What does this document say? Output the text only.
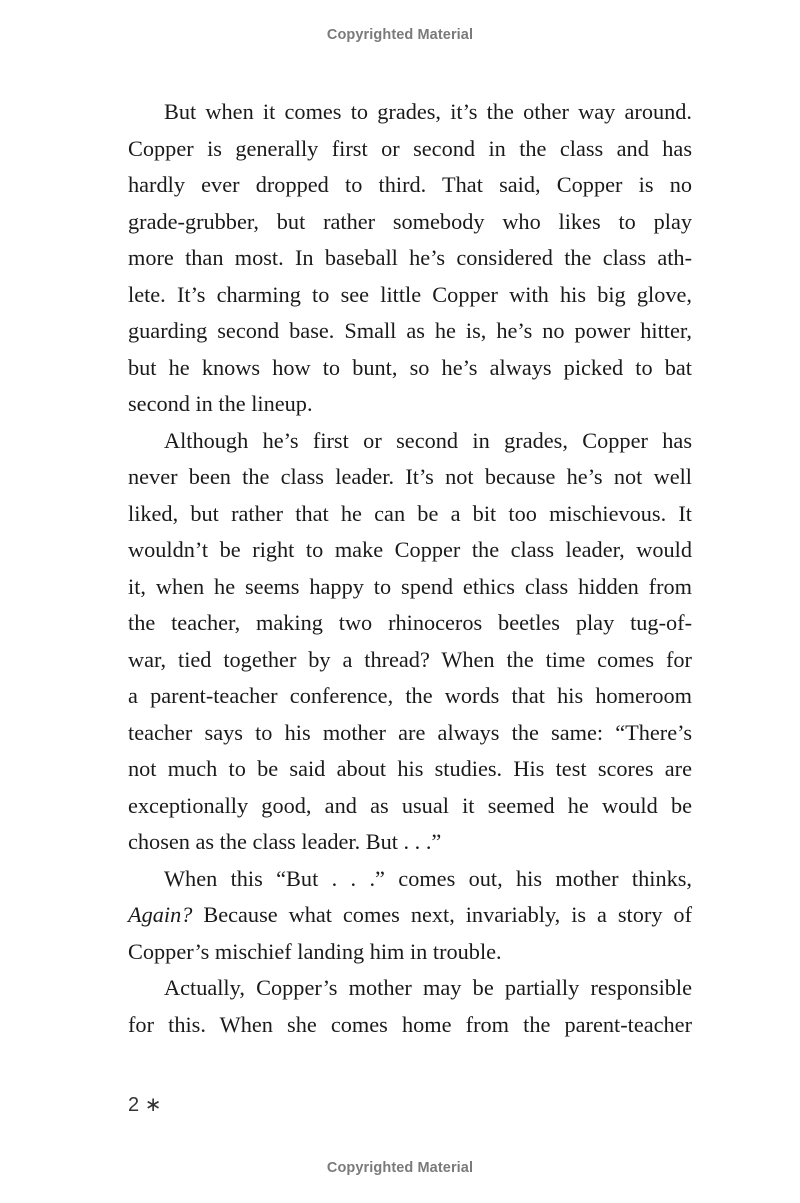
Copyrighted Material
But when it comes to grades, it’s the other way around.
Copper is generally first or second in the class and has
hardly ever dropped to third. That said, Copper is no
grade-grubber, but rather somebody who likes to play
more than most. In baseball he’s considered the class ath-
lete. It’s charming to see little Copper with his big glove,
guarding second base. Small as he is, he’s no power hitter,
but he knows how to bunt, so he’s always picked to bat
second in the lineup.
Although he’s first or second in grades, Copper has
never been the class leader. It’s not because he’s not well
liked, but rather that he can be a bit too mischievous. It
wouldn’t be right to make Copper the class leader, would
it, when he seems happy to spend ethics class hidden from
the teacher, making two rhinoceros beetles play tug-of-
war, tied together by a thread? When the time comes for
a parent-teacher conference, the words that his homeroom
teacher says to his mother are always the same: “There’s
not much to be said about his studies. His test scores are
exceptionally good, and as usual it seemed he would be
chosen as the class leader. But . . .”
When this “But . . .” comes out, his mother thinks,
Again? Because what comes next, invariably, is a story of
Copper’s mischief landing him in trouble.
Actually, Copper’s mother may be partially responsible
for this. When she comes home from the parent-teacher
2 ∗
Copyrighted Material
